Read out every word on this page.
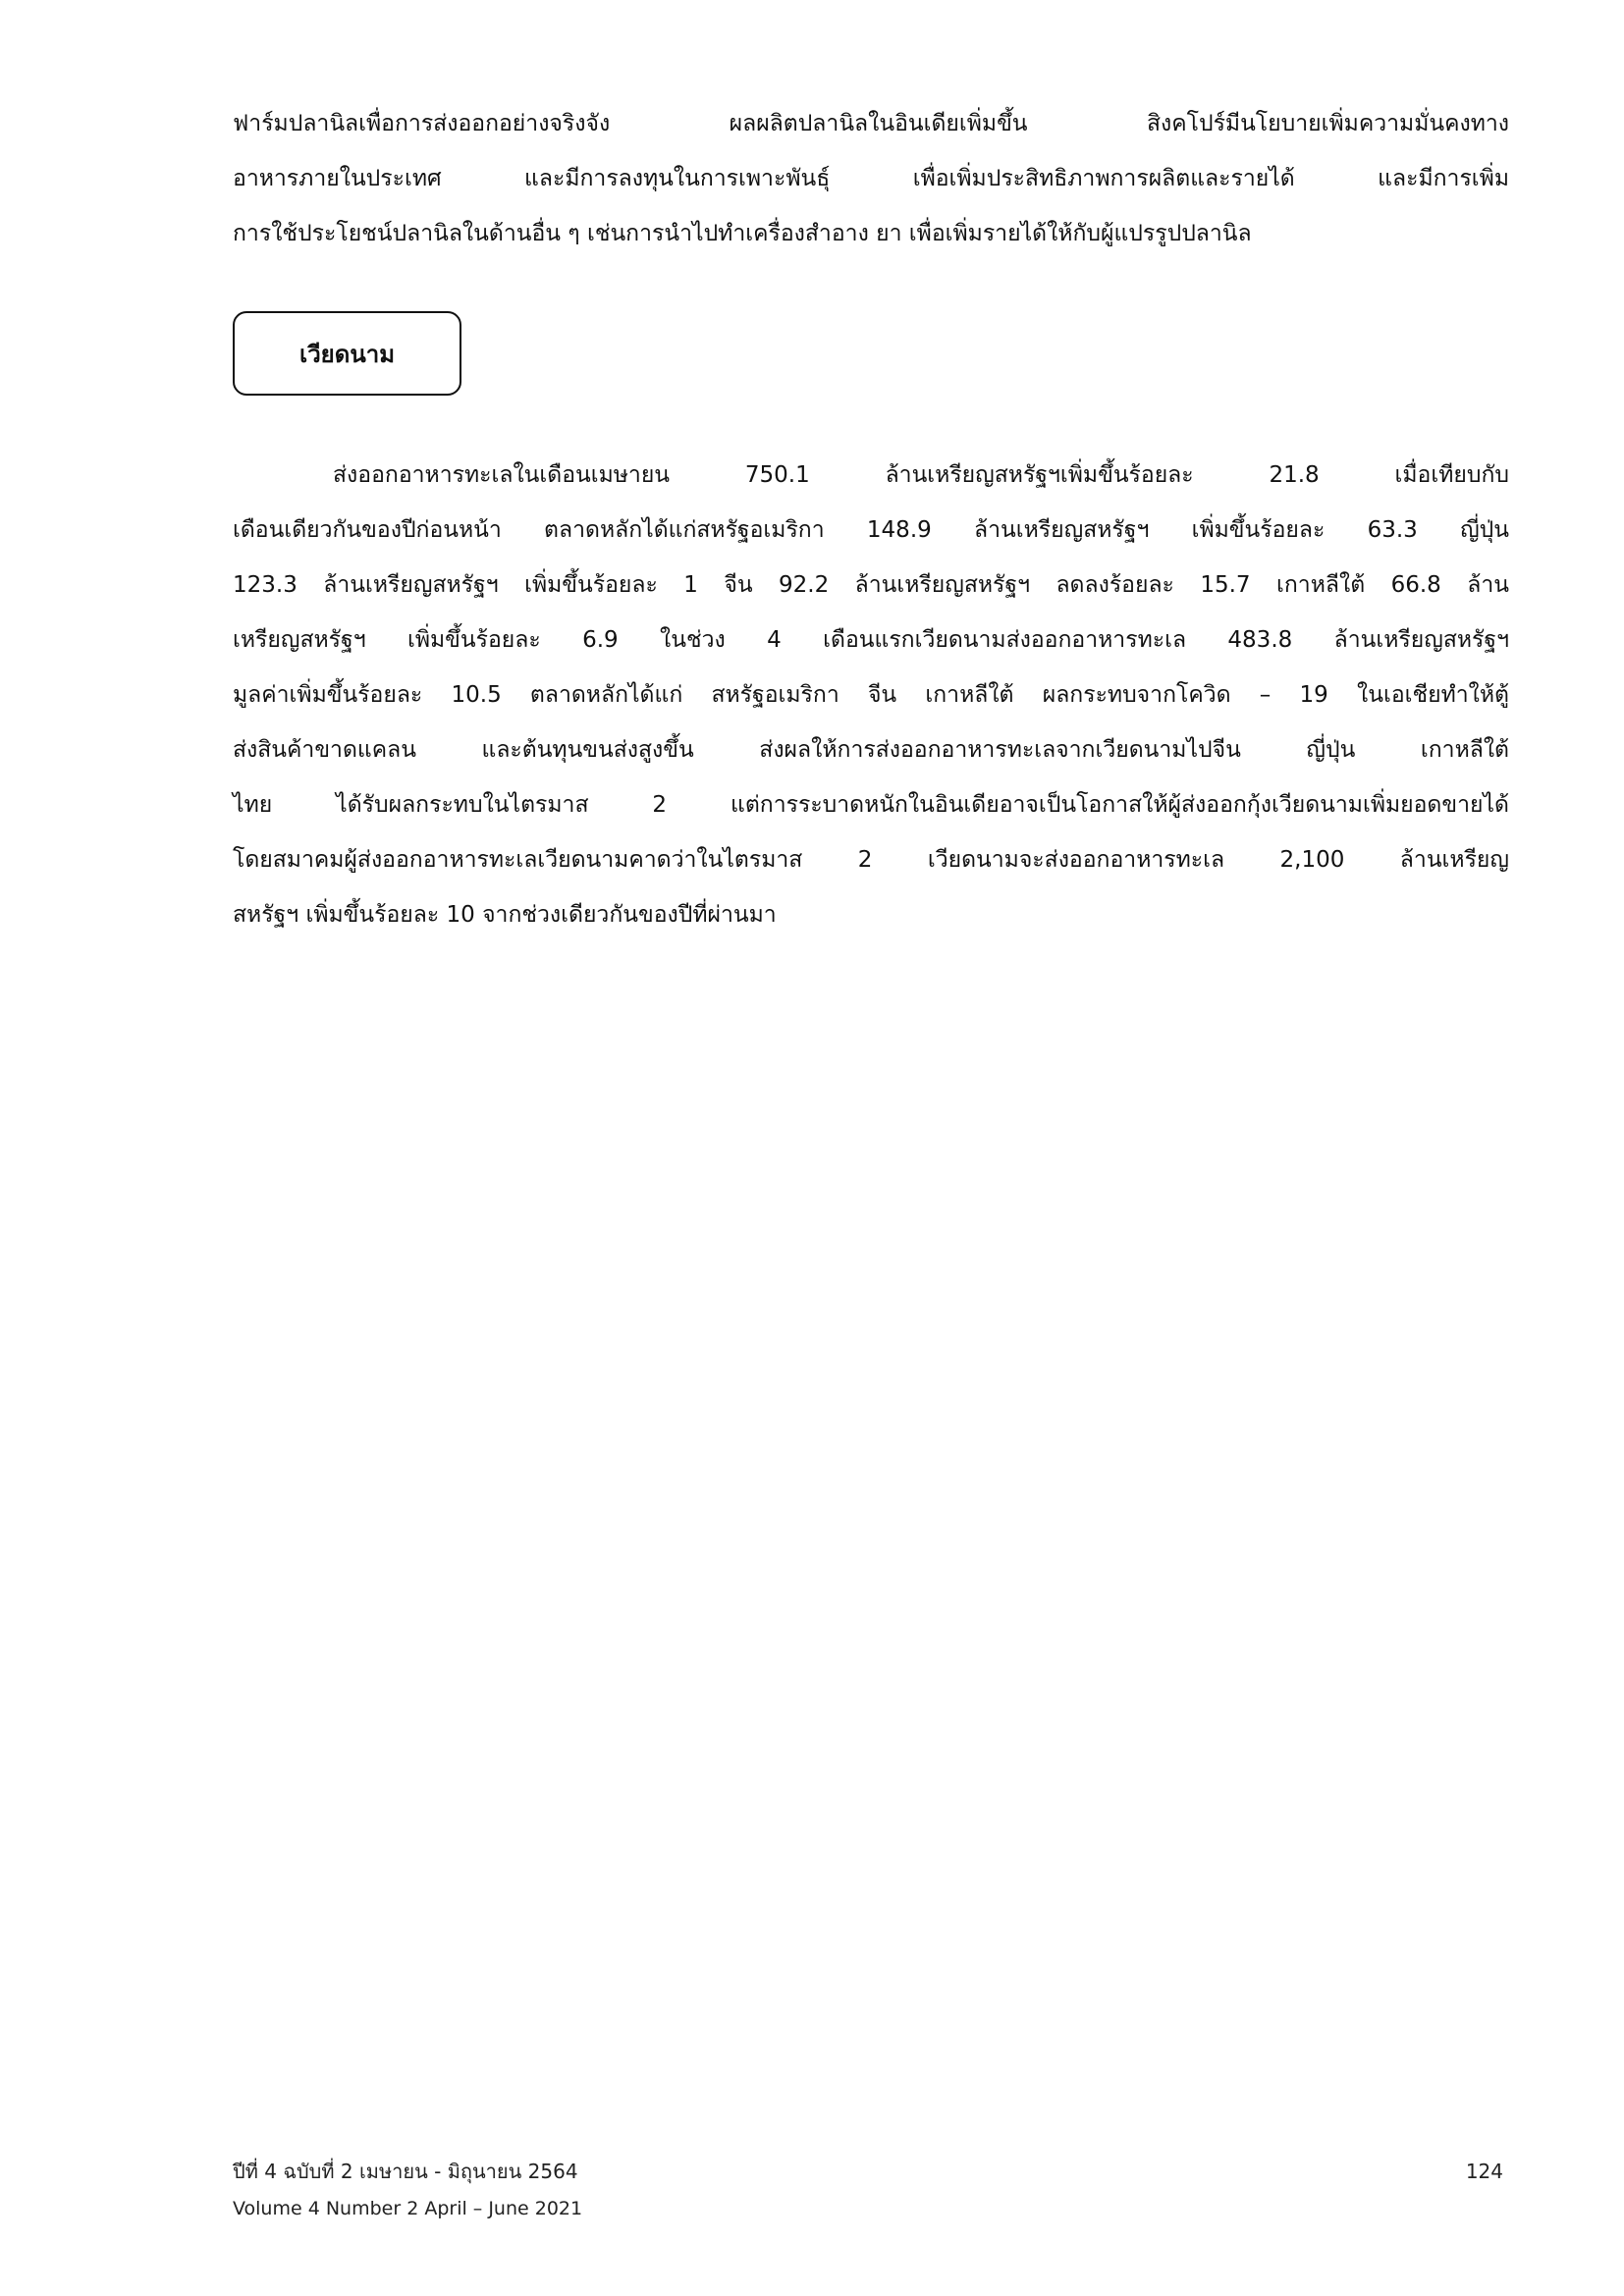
ฟาร์มปลานิลเพื่อการส่งออกอย่างจริงจัง ผลผลิตปลานิลในอินเดียเพิ่มขึ้น สิงคโปร์มีนโยบายเพิ่มความมั่นคงทาง
อาหารภายในประเทศ และมีการลงทุนในการเพาะพันธุ์ เพื่อเพิ่มประสิทธิภาพการผลิตและรายได้ และมีการเพิ่ม
การใช้ประโยชน์ปลานิลในด้านอื่น ๆ เช่นการนำไปทำเครื่องสำอาง ยา เพื่อเพิ่มรายได้ให้กับผู้แปรรูปปลานิล
เวียดนาม
ส่งออกอาหารทะเลในเดือนเมษายน 750.1 ล้านเหรียญสหรัฐฯเพิ่มขึ้นร้อยละ 21.8 เมื่อเทียบกับ
เดือนเดียวกันของปีก่อนหน้า ตลาดหลักได้แก่สหรัฐอเมริกา 148.9 ล้านเหรียญสหรัฐฯ เพิ่มขึ้นร้อยละ 63.3 ญี่ปุ่น
123.3 ล้านเหรียญสหรัฐฯ เพิ่มขึ้นร้อยละ 1 จีน 92.2 ล้านเหรียญสหรัฐฯ ลดลงร้อยละ 15.7 เกาหลีใต้ 66.8 ล้าน
เหรียญสหรัฐฯ เพิ่มขึ้นร้อยละ 6.9 ในช่วง 4 เดือนแรกเวียดนามส่งออกอาหารทะเล 483.8 ล้านเหรียญสหรัฐฯ
มูลค่าเพิ่มขึ้นร้อยละ 10.5 ตลาดหลักได้แก่ สหรัฐอเมริกา จีน เกาหลีใต้ ผลกระทบจากโควิด – 19 ในเอเชียทำให้ตู้
ส่งสินค้าขาดแคลน และต้นทุนขนส่งสูงขึ้น ส่งผลให้การส่งออกอาหารทะเลจากเวียดนามไปจีน ญี่ปุ่น เกาหลีใต้
ไทย ได้รับผลกระทบในไตรมาส 2 แต่การระบาดหนักในอินเดียอาจเป็นโอกาสให้ผู้ส่งออกกุ้งเวียดนามเพิ่มยอดขายได้
โดยสมาคมผู้ส่งออกอาหารทะเลเวียดนามคาดว่าในไตรมาส 2 เวียดนามจะส่งออกอาหารทะเล 2,100 ล้านเหรียญ
สหรัฐฯ เพิ่มขึ้นร้อยละ 10 จากช่วงเดียวกันของปีที่ผ่านมา
ปีที่ 4 ฉบับที่ 2 เมษายน - มิถุนายน 2564
Volume 4 Number 2 April – June 2021
124
